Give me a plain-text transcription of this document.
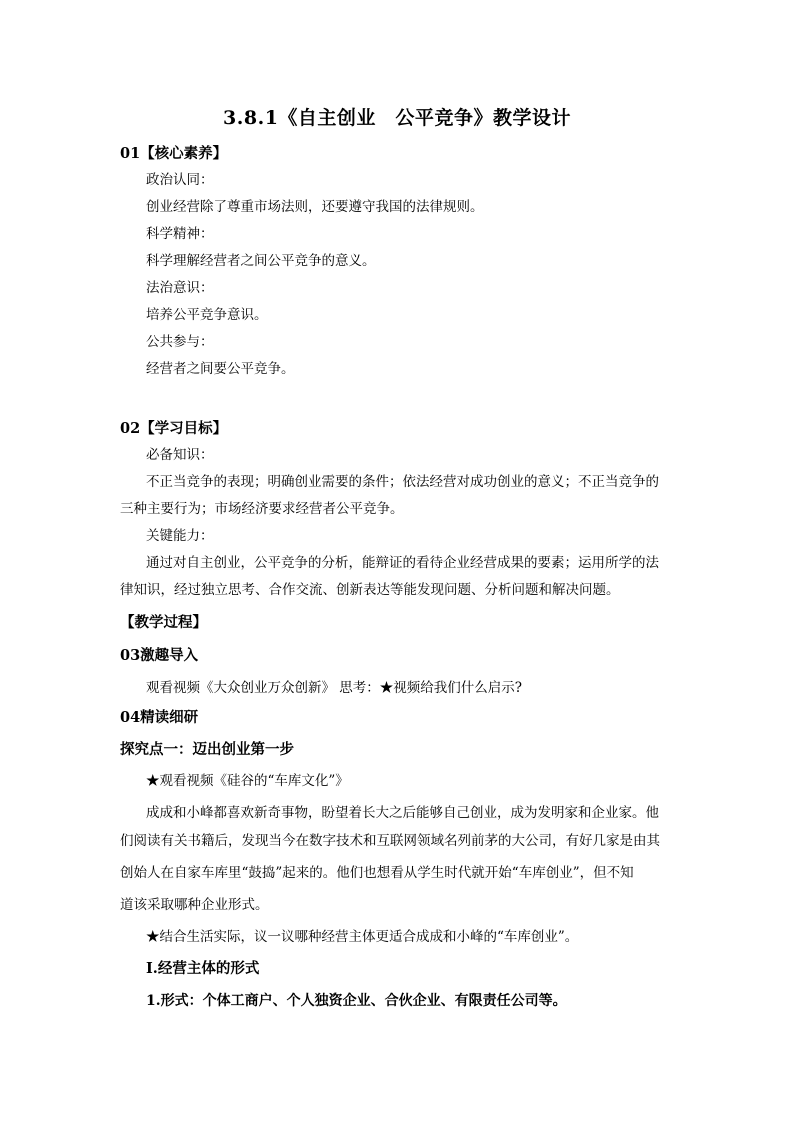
3.8.1《自主创业　公平竞争》教学设计
01【核心素养】
政治认同：
创业经营除了尊重市场法则，还要遵守我国的法律规则。
科学精神：
科学理解经营者之间公平竞争的意义。
法治意识：
培养公平竞争意识。
公共参与：
经营者之间要公平竞争。
02【学习目标】
必备知识：
不正当竞争的表现；明确创业需要的条件；依法经营对成功创业的意义；不正当竞争的
三种主要行为；市场经济要求经营者公平竞争。
关键能力：
通过对自主创业，公平竞争的分析，能辩证的看待企业经营成果的要素；运用所学的法
律知识，经过独立思考、合作交流、创新表达等能发现问题、分析问题和解决问题。
【教学过程】
03激趣导入
观看视频《大众创业万众创新》 思考：★视频给我们什么启示?
04精读细研
探究点一：迈出创业第一步
★观看视频《硅谷的“车库文化”》
成成和小峰都喜欢新奇事物，盼望着长大之后能够自己创业，成为发明家和企业家。他
们阅读有关书籍后，发现当今在数字技术和互联网领域名列前茅的大公司，有好几家是由其
创始人在自家车库里“鼓捣”起来的。他们也想看从学生时代就开始“车库创业”，但不知
道该采取哪种企业形式。
★结合生活实际，议一议哪种经营主体更适合成成和小峰的“车库创业”。
Ⅰ.经营主体的形式
1.形式：个体工商户、个人独资企业、合伙企业、有限责任公司等。
